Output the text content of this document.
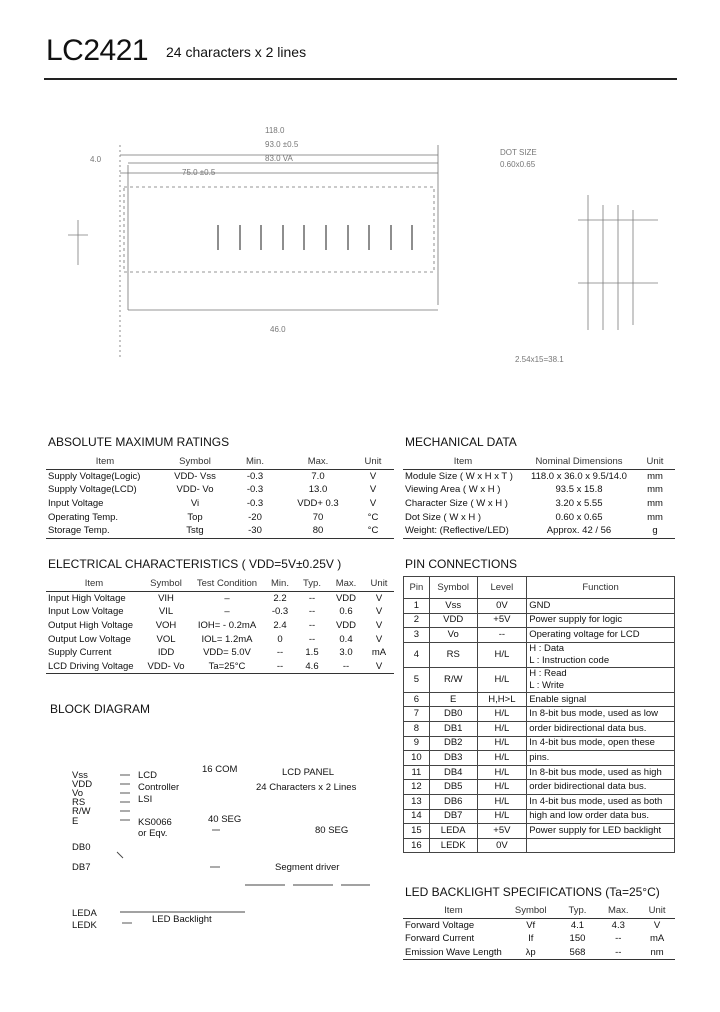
LC2421 24 characters x 2 lines
118.0
93.0 ±0.5
83.0 VA
75.0 ±0.5
4.0
46.0
DOT SIZE
0.60x0.65
2.54x15=38.1
ABSOLUTE MAXIMUM RATINGS
Item	Symbol	Min.	Max.	Unit
Supply Voltage(Logic)	VDD- Vss	-0.3	7.0	V
Supply Voltage(LCD)	VDD- Vo	-0.3	13.0	V
Input Voltage	Vi	-0.3	VDD+ 0.3	V
Operating Temp.	Top	-20	70	°C
Storage Temp.	Tstg	-30	80	°C
MECHANICAL DATA
Item	Nominal Dimensions	Unit
Module Size ( W x H x T )	118.0 x 36.0 x 9.5/14.0	mm
Viewing Area ( W x H )	93.5 x 15.8	mm
Character Size ( W x H )	3.20 x 5.55	mm
Dot Size ( W x H )	0.60 x 0.65	mm
Weight: (Reflective/LED)	Approx. 42 / 56	g
ELECTRICAL CHARACTERISTICS ( VDD=5V±0.25V )
Item	Symbol	Test Condition	Min.	Typ.	Max.	Unit
Input High Voltage	VIH	–	2.2	--	VDD	V
Input Low Voltage	VIL	–	-0.3	--	0.6	V
Output High Voltage	VOH	IOH= - 0.2mA	2.4	--	VDD	V
Output Low Voltage	VOL	IOL= 1.2mA	0	--	0.4	V
Supply Current	IDD	VDD= 5.0V	--	1.5	3.0	mA
LCD Driving Voltage	VDD- Vo	Ta=25°C	--	4.6	--	V
PIN CONNECTIONS
Pin	Symbol	Level	Function
1	Vss	0V	GND
2	VDD	+5V	Power supply for logic
3	Vo	--	Operating voltage for LCD
4	RS	H/L	H : Data
L : Instruction code
5	R/W	H/L	H : Read
L : Write
6	E	H,H>L	Enable signal
7	DB0	H/L	In 8-bit bus mode, used as low
8	DB1	H/L	order bidirectional data bus.
9	DB2	H/L	In 4-bit bus mode, open these
10	DB3	H/L	pins.
11	DB4	H/L	In 8-bit bus mode, used as high
12	DB5	H/L	order bidirectional data bus.
13	DB6	H/L	In 4-bit bus mode, used as both
14	DB7	H/L	high and low order data bus.
15	LEDA	+5V	Power supply for LED backlight
16	LEDK	0V	
BLOCK DIAGRAM
Vss
VDD
Vo
RS
R/W
E
DB0
DB7
LCD
Controller
LSI
KS0066
or Eqv.
16 COM
40 SEG
LCD PANEL
24 Characters x 2 Lines
80 SEG
Segment driver
LED Backlight
LEDA
LEDK
LED BACKLIGHT SPECIFICATIONS (Ta=25°C)
Item	Symbol	Typ.	Max.	Unit
Forward Voltage	Vf	4.1	4.3	V
Forward Current	If	150	--	mA
Emission Wave Length	λp	568	--	nm
